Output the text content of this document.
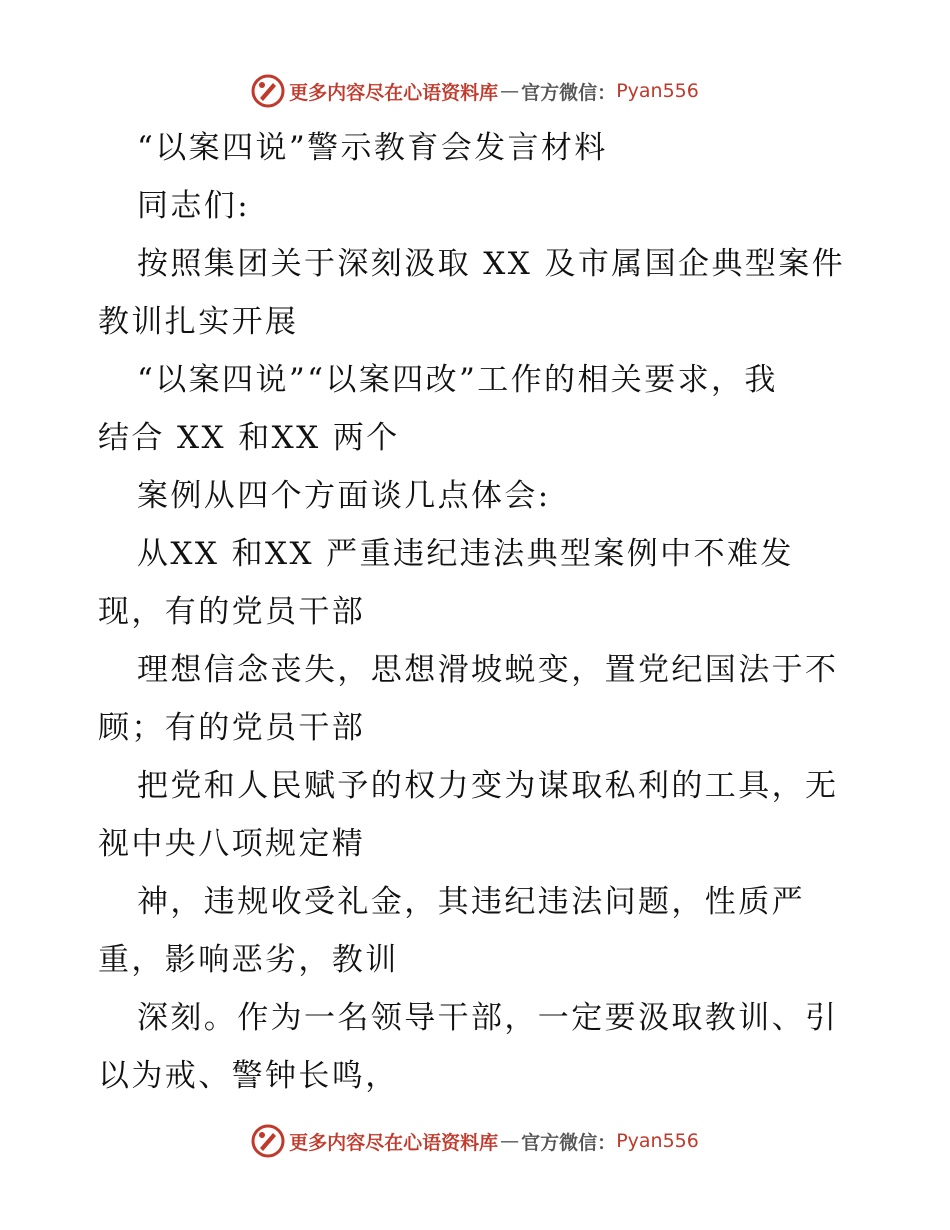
更多内容尽在心语资料库 — 官方微信： Pyan556
“以案四说”警示教育会发言材料
同志们:
按照集团关于深刻汲取 XX 及市属国企典型案件
教训扎实开展
“以案四说”“以案四改”工作的相关要求，我
结合 XX 和XX 两个
案例从四个方面谈几点体会:
从XX 和XX 严重违纪违法典型案例中不难发
现，有的党员干部
理想信念丧失，思想滑坡蜕变，置党纪国法于不
顾；有的党员干部
把党和人民赋予的权力变为谋取私利的工具，无
视中央八项规定精
神，违规收受礼金，其违纪违法问题，性质严
重，影响恶劣，教训
深刻。作为一名领导干部，一定要汲取教训、引
以为戒、警钟长鸣，
更多内容尽在心语资料库 — 官方微信： Pyan556
